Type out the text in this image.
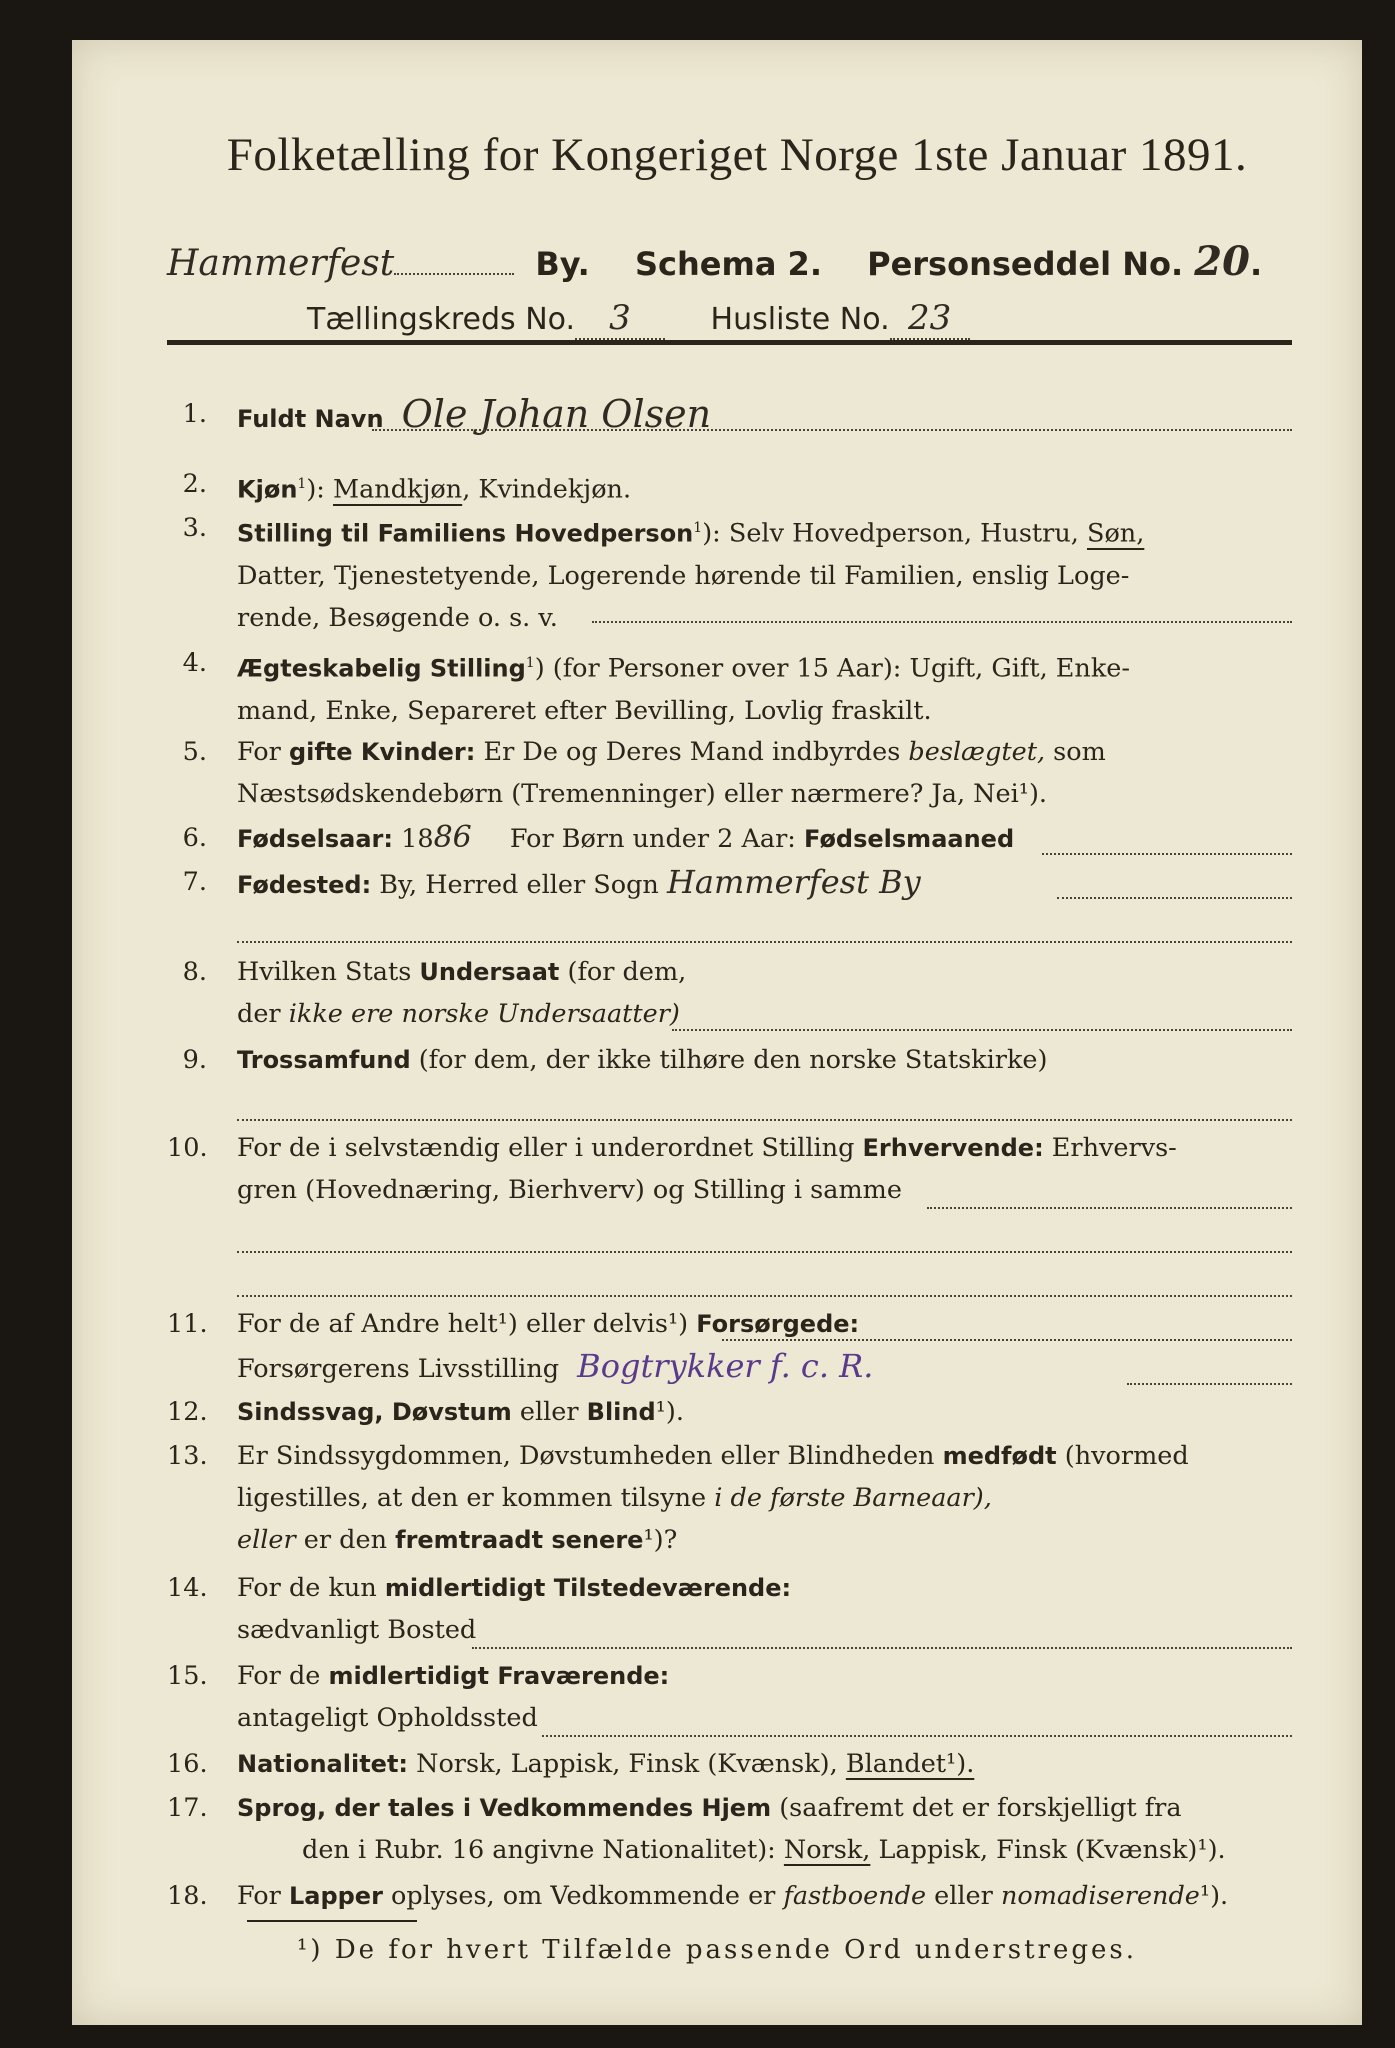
Folketælling for Kongeriget Norge 1ste Januar 1891.
Hammerfest	By. Schema 2. Personseddel No. 20.
Tællingskreds No. 3	Husliste No. 23
1. Fuldt Navn Ole Johan Olsen
2. Kjøn$^1$): Mandkjøn, Kvindekjøn.
3. Stilling til Familiens Hovedperson$^1$): Selv Hovedperson, Hustru, Søn,
Datter, Tjenestetyende, Logerende hørende til Familien, enslig Loge-
rende, Besøgende o. s. v.
4. Ægteskabelig Stilling$^1$) (for Personer over 15 Aar): Ugift, Gift, Enke-
mand, Enke, Separeret efter Bevilling, Lovlig fraskilt.
5. For gifte Kvinder: Er De og Deres Mand indbyrdes beslægtet, som
Næstsødskendebørn (Tremenninger) eller nærmere? Ja, Nei¹).
6. Fødselsaar: 1886 For Børn under 2 Aar: Fødselsmaaned
7. Fødested: By, Herred eller Sogn Hammerfest By
8. Hvilken Stats Undersaat (for dem,
der ikke ere norske Undersaatter)
9. Trossamfund (for dem, der ikke tilhøre den norske Statskirke)
10. For de i selvstændig eller i underordnet Stilling Erhvervende: Erhvervs-
gren (Hovednæring, Bierhverv) og Stilling i samme
11. For de af Andre helt¹) eller delvis¹) Forsørgede:
Forsørgerens Livsstilling Bogtrykker f. c. R.
12. Sindssvag, Døvstum eller Blind¹).
13. Er Sindssygdommen, Døvstumheden eller Blindheden medfødt (hvormed
ligestilles, at den er kommen tilsyne i de første Barneaar),
eller er den fremtraadt senere¹)?
14. For de kun midlertidigt Tilstedeværende:
sædvanligt Bosted
15. For de midlertidigt Fraværende:
antageligt Opholdssted
16. Nationalitet: Norsk, Lappisk, Finsk (Kvænsk), Blandet¹).
17. Sprog, der tales i Vedkommendes Hjem (saafremt det er forskjelligt fra
den i Rubr. 16 angivne Nationalitet): Norsk, Lappisk, Finsk (Kvænsk)¹).
18. For Lapper oplyses, om Vedkommende er fastboende eller nomadiserende¹).
¹) De for hvert Tilfælde passende Ord understreges.
